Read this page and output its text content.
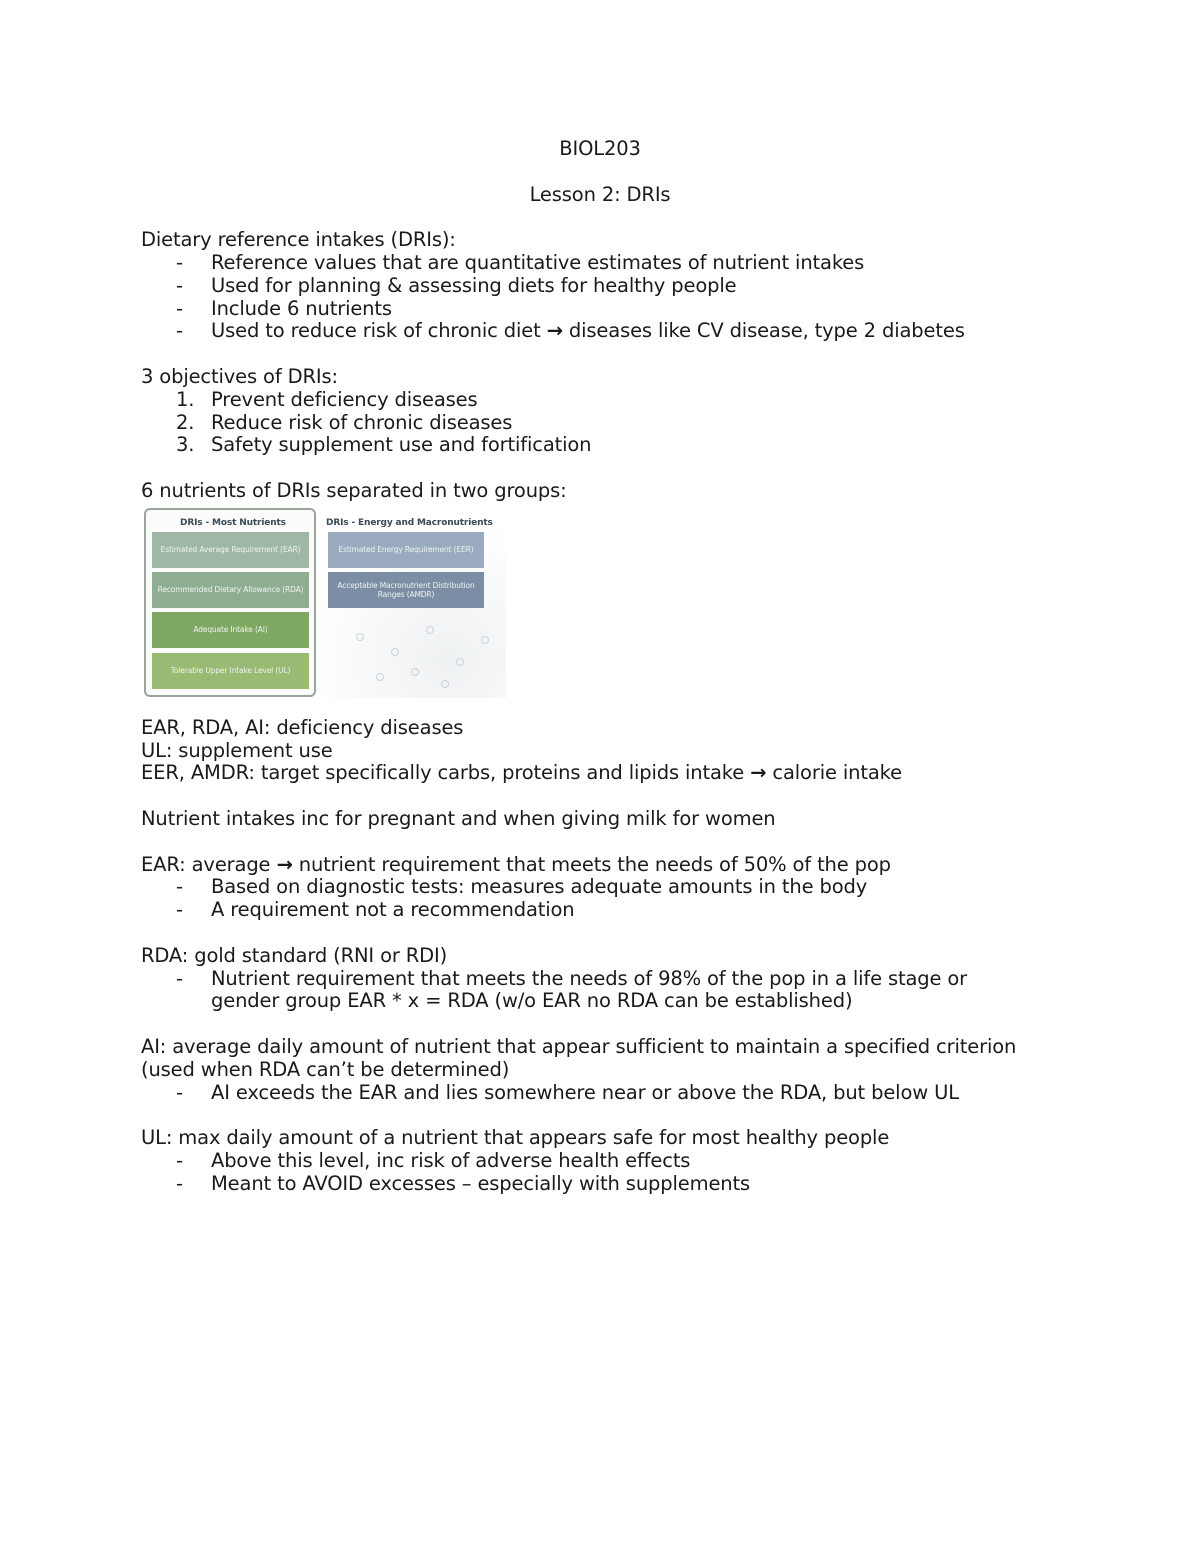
BIOL203
Lesson 2: DRIs
Dietary reference intakes (DRIs):
- Reference values that are quantitative estimates of nutrient intakes
- Used for planning & assessing diets for healthy people
- Include 6 nutrients
- Used to reduce risk of chronic diet → diseases like CV disease, type 2 diabetes
3 objectives of DRIs:
1. Prevent deficiency diseases
2. Reduce risk of chronic diseases
3. Safety supplement use and fortification
6 nutrients of DRIs separated in two groups:
DRIs - Most Nutrients
Estimated Average Requirement (EAR)
Recommended Dietary Allowance (RDA)
Adequate Intake (AI)
Tolerable Upper Intake Level (UL)
DRIs - Energy and Macronutrients
Estimated Energy Requirement (EER)
Acceptable Macronutrient Distribution Ranges (AMDR)
EAR, RDA, AI: deficiency diseases
UL: supplement use
EER, AMDR: target specifically carbs, proteins and lipids intake → calorie intake
Nutrient intakes inc for pregnant and when giving milk for women
EAR: average → nutrient requirement that meets the needs of 50% of the pop
- Based on diagnostic tests: measures adequate amounts in the body
- A requirement not a recommendation
RDA: gold standard (RNI or RDI)
- Nutrient requirement that meets the needs of 98% of the pop in a life stage or
gender group EAR * x = RDA (w/o EAR no RDA can be established)
AI: average daily amount of nutrient that appear sufficient to maintain a specified criterion
(used when RDA can’t be determined)
- AI exceeds the EAR and lies somewhere near or above the RDA, but below UL
UL: max daily amount of a nutrient that appears safe for most healthy people
- Above this level, inc risk of adverse health effects
- Meant to AVOID excesses – especially with supplements
